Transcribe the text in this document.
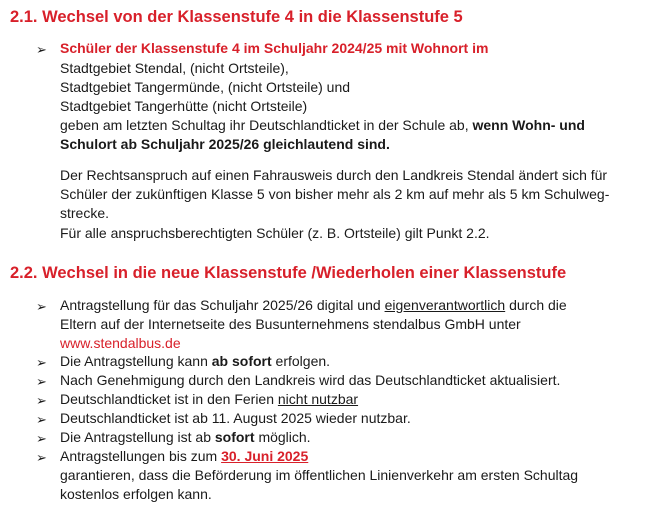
2.1. Wechsel von der Klassenstufe 4 in die Klassenstufe 5
➢ Schüler der Klassenstufe 4 im Schuljahr 2024/25 mit Wohnort im
Stadtgebiet Stendal, (nicht Ortsteile),
Stadtgebiet Tangermünde, (nicht Ortsteile) und
Stadtgebiet Tangerhütte (nicht Ortsteile)
geben am letzten Schultag ihr Deutschlandticket in der Schule ab, wenn Wohn- und
Schulort ab Schuljahr 2025/26 gleichlautend sind.
Der Rechtsanspruch auf einen Fahrausweis durch den Landkreis Stendal ändert sich für
Schüler der zukünftigen Klasse 5 von bisher mehr als 2 km auf mehr als 5 km Schulweg-
strecke.
Für alle anspruchsberechtigten Schüler (z. B. Ortsteile) gilt Punkt 2.2.
2.2. Wechsel in die neue Klassenstufe /Wiederholen einer Klassenstufe
➢ Antragstellung für das Schuljahr 2025/26 digital und eigenverantwortlich durch die
Eltern auf der Internetseite des Busunternehmens stendalbus GmbH unter
www.stendalbus.de
➢ Die Antragstellung kann ab sofort erfolgen.
➢ Nach Genehmigung durch den Landkreis wird das Deutschlandticket aktualisiert.
➢ Deutschlandticket ist in den Ferien nicht nutzbar
➢ Deutschlandticket ist ab 11. August 2025 wieder nutzbar.
➢ Die Antragstellung ist ab sofort möglich.
➢ Antragstellungen bis zum 30. Juni 2025
garantieren, dass die Beförderung im öffentlichen Linienverkehr am ersten Schultag
kostenlos erfolgen kann.
